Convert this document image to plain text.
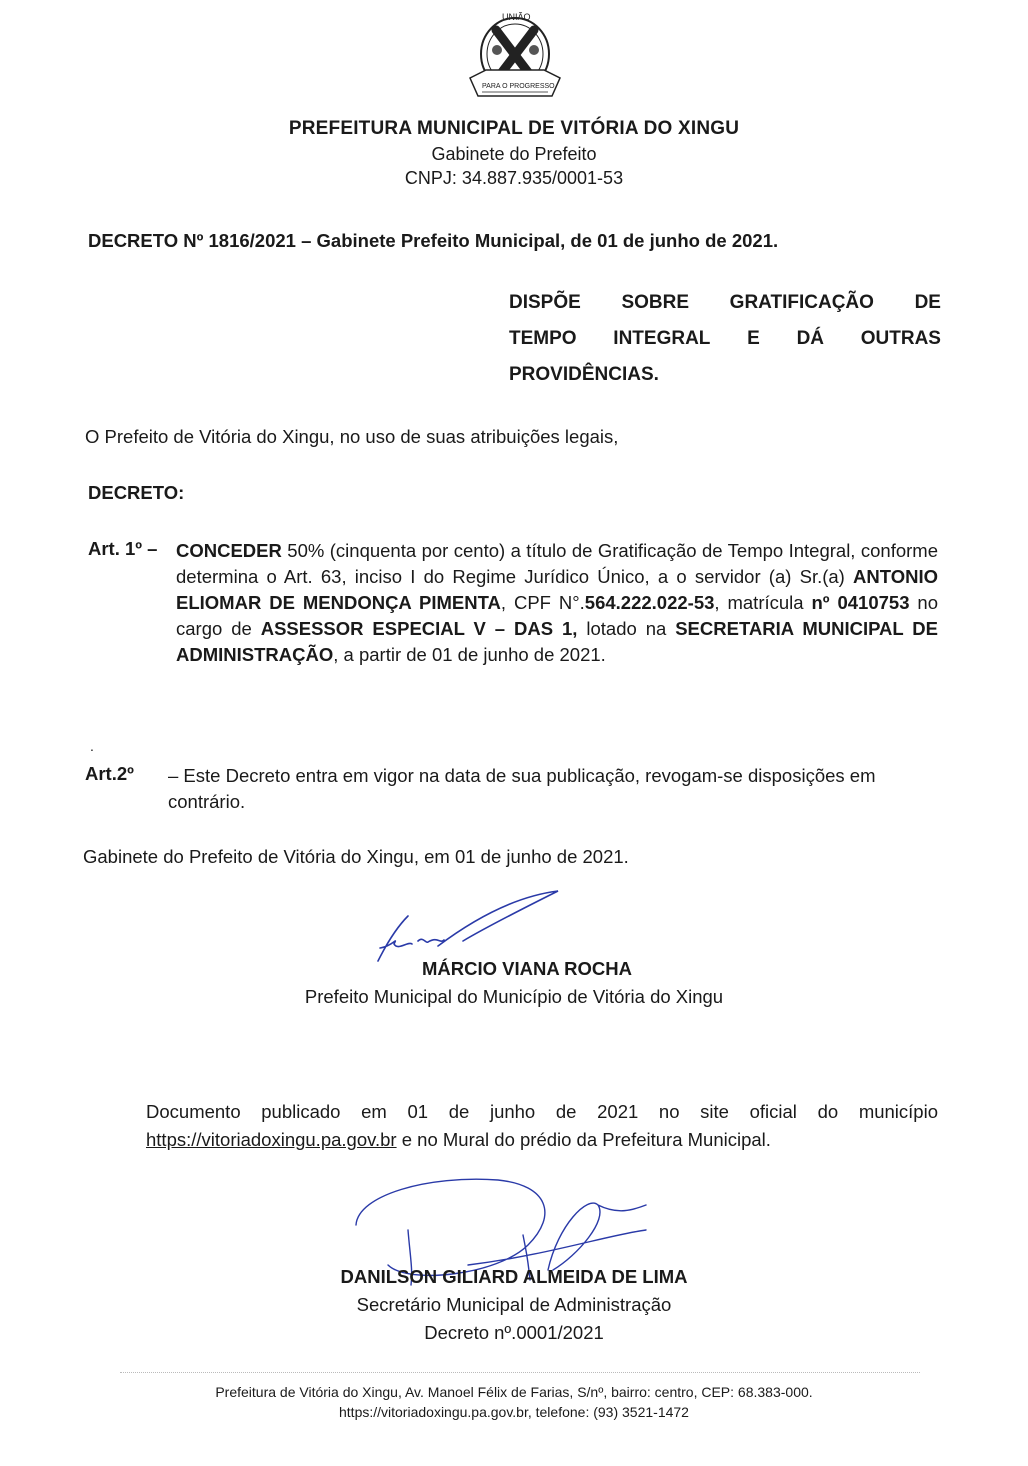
UNIÃO
PARA O PROGRESSO
PREFEITURA MUNICIPAL DE VITÓRIA DO XINGU
Gabinete do Prefeito
CNPJ: 34.887.935/0001-53
DECRETO Nº 1816/2021 – Gabinete Prefeito Municipal, de 01 de junho de 2021.
DISPÕE SOBRE GRATIFICAÇÃO DE
TEMPO INTEGRAL E DÁ OUTRAS
PROVIDÊNCIAS.
O Prefeito de Vitória do Xingu, no uso de suas atribuições legais,
DECRETO:
Art. 1º – CONCEDER 50% (cinquenta por cento) a título de Gratificação de Tempo Integral, conforme determina o Art. 63, inciso I do Regime Jurídico Único, a o servidor (a) Sr.(a) ANTONIO ELIOMAR DE MENDONÇA PIMENTA, CPF N°.564.222.022-53, matrícula nº 0410753 no cargo de ASSESSOR ESPECIAL V – DAS 1, lotado na SECRETARIA MUNICIPAL DE ADMINISTRAÇÃO, a partir de 01 de junho de 2021.
.
Art.2º – Este Decreto entra em vigor na data de sua publicação, revogam-se disposições em contrário.
Gabinete do Prefeito de Vitória do Xingu, em 01 de junho de 2021.
MÁRCIO VIANA ROCHA
Prefeito Municipal do Município de Vitória do Xingu
Documento publicado em 01 de junho de 2021 no site oficial do município https://vitoriadoxingu.pa.gov.br e no Mural do prédio da Prefeitura Municipal.
DANILSON GILIARD ALMEIDA DE LIMA
Secretário Municipal de Administração
Decreto nº.0001/2021
Prefeitura de Vitória do Xingu, Av. Manoel Félix de Farias, S/nº, bairro: centro, CEP: 68.383-000.
https://vitoriadoxingu.pa.gov.br, telefone: (93) 3521-1472
